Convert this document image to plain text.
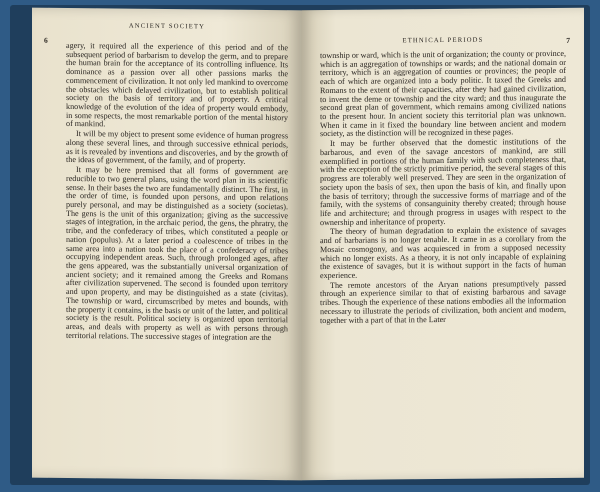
6
ANCIENT SOCIETY

agery, it required all the experience of this period and of the subsequent period of barbarism to develop the germ, and to prepare the human brain for the acceptance of its controlling influence. Its dominance as a passion over all other passions marks the commencement of civilization. It not only led mankind to overcome the obstacles which delayed civilization, but to establish political society on the basis of territory and of property. A critical knowledge of the evolution of the idea of property would embody, in some respects, the most remarkable portion of the mental history of mankind.

It will be my object to present some evidence of human progress along these several lines, and through successive ethnical periods, as it is revealed by inventions and discoveries, and by the growth of the ideas of government, of the family, and of property.

It may be here premised that all forms of government are reducible to two general plans, using the word plan in its scientific sense. In their bases the two are fundamentally distinct. The first, in the order of time, is founded upon persons, and upon relations purely personal, and may be distinguished as a society (societas). The gens is the unit of this organization; giving as the successive stages of integration, in the archaic period, the gens, the phratry, the tribe, and the confederacy of tribes, which constituted a people or nation (populus). At a later period a coalescence of tribes in the same area into a nation took the place of a confederacy of tribes occupying independent areas. Such, through prolonged ages, after the gens appeared, was the substantially universal organization of ancient society; and it remained among the Greeks and Romans after civilization supervened. The second is founded upon territory and upon property, and may be distinguished as a state (civitas). The township or ward, circumscribed by metes and bounds, with the property it contains, is the basis or unit of the latter, and political society is the result. Political society is organized upon territorial areas, and deals with property as well as with persons through territorial relations. The successive stages of integration are the

ETHNICAL PERIODS	7

township or ward, which is the unit of organization; the county or province, which is an aggregation of townships or wards; and the national domain or territory, which is an aggregation of counties or provinces; the people of each of which are organized into a body politic. It taxed the Greeks and Romans to the extent of their capacities, after they had gained civilization, to invent the deme or township and the city ward; and thus inaugurate the second great plan of government, which remains among civilized nations to the present hour. In ancient society this territorial plan was unknown. When it came in it fixed the boundary line between ancient and modern society, as the distinction will be recognized in these pages.

It may be further observed that the domestic institutions of the barbarous, and even of the savage ancestors of mankind, are still exemplified in portions of the human family with such completeness that, with the exception of the strictly primitive period, the several stages of this progress are tolerably well preserved. They are seen in the organization of society upon the basis of sex, then upon the basis of kin, and finally upon the basis of territory; through the successive forms of marriage and of the family, with the systems of consanguinity thereby created; through house life and architecture; and through progress in usages with respect to the ownership and inheritance of property.

The theory of human degradation to explain the existence of savages and of barbarians is no longer tenable. It came in as a corollary from the Mosaic cosmogony, and was acquiesced in from a supposed necessity which no longer exists. As a theory, it is not only incapable of explaining the existence of savages, but it is without support in the facts of human experience.

The remote ancestors of the Aryan nations presumptively passed through an experience similar to that of existing barbarous and savage tribes. Though the experience of these nations embodies all the information necessary to illustrate the periods of civilization, both ancient and modern, together with a part of that in the Later
